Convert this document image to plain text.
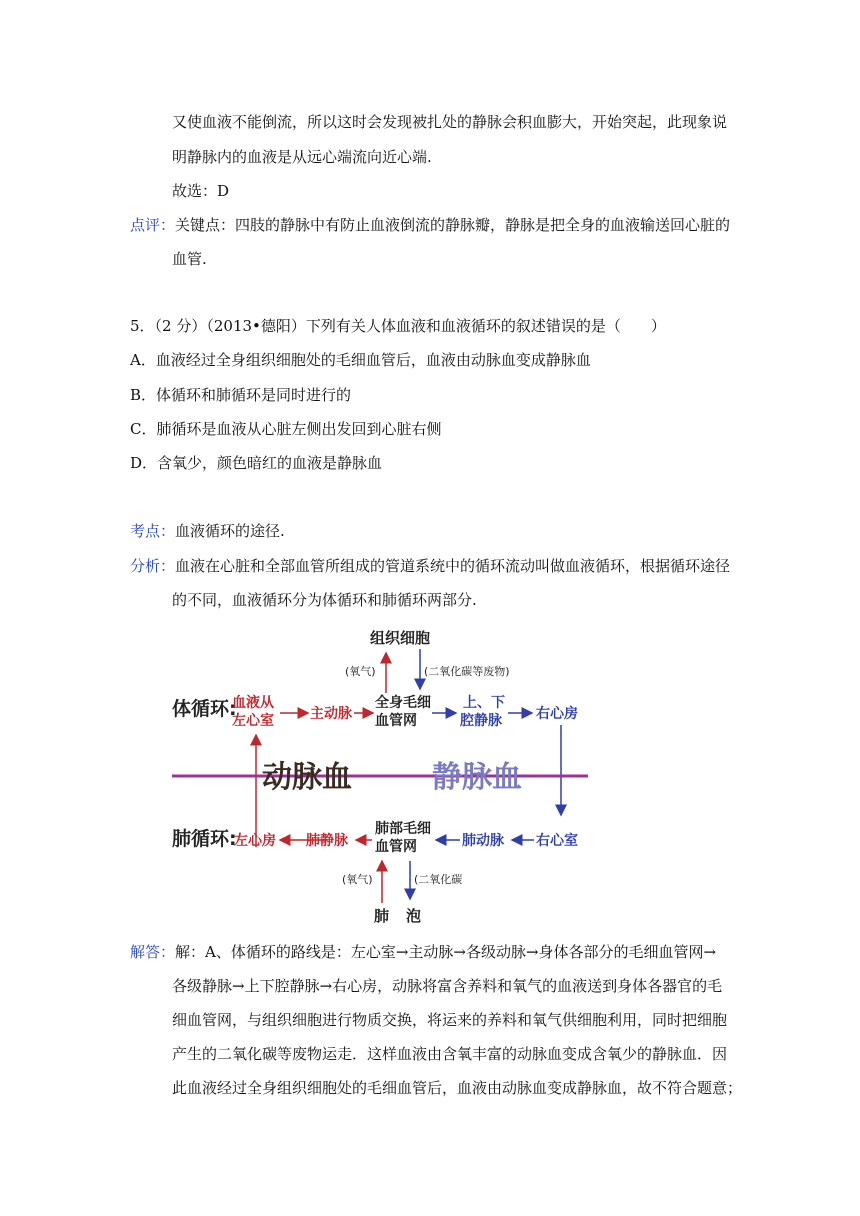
又使血液不能倒流，所以这时会发现被扎处的静脉会积血膨大，开始突起，此现象说
明静脉内的血液是从远心端流向近心端.
故选：D
点评：关键点：四肢的静脉中有防止血液倒流的静脉瓣，静脉是把全身的血液输送回心脏的
血管.
5．（2 分）（2013•德阳）下列有关人体血液和血液循环的叙述错误的是（　　）
A．血液经过全身组织细胞处的毛细血管后，血液由动脉血变成静脉血
B．体循环和肺循环是同时进行的
C．肺循环是血液从心脏左侧出发回到心脏右侧
D．含氧少，颜色暗红的血液是静脉血
考点：血液循环的途径.
分析：血液在心脏和全部血管所组成的管道系统中的循环流动叫做血液循环，根据循环途径
的不同，血液循环分为体循环和肺循环两部分.
组织细胞
(氧气)	(二氧化碳等废物)
体循环:
血液从
左心室	主动脉
全身毛细
血管网
上、下
腔静脉 右心房
动脉血	静脉血
肺循环:
左心房 肺静脉
肺部毛细
血管网	肺动脉 右心室
(氧气)	(二氧化碳
肺 泡
解答：解：A、体循环的路线是：左心室→主动脉→各级动脉→身体各部分的毛细血管网→
各级静脉→上下腔静脉→右心房，动脉将富含养料和氧气的血液送到身体各器官的毛
细血管网，与组织细胞进行物质交换，将运来的养料和氧气供细胞利用，同时把细胞
产生的二氧化碳等废物运走．这样血液由含氧丰富的动脉血变成含氧少的静脉血．因
此血液经过全身组织细胞处的毛细血管后，血液由动脉血变成静脉血，故不符合题意；
